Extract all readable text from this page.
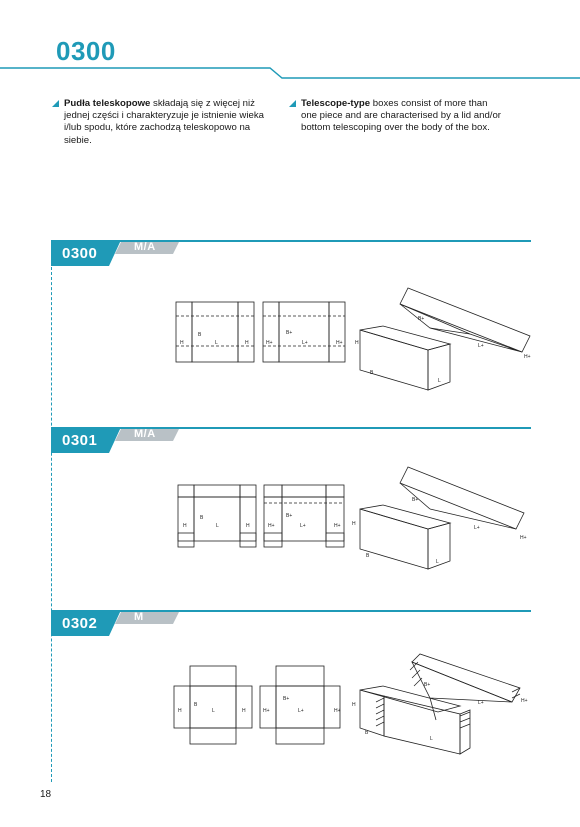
0300
Pudła teleskopowe składają się z więcej niż jednej części i charakteryzuje je istnienie wieka i/lub spodu, które zachodzą teleskopowo na siebie.
Telescope-type boxes consist of more than one piece and are characterised by a lid and/or bottom telescoping over the body of the box.
0300	M/A
H	L	H
B
H+	L+	H+
B+
H
B
L
B+
L+
H+
0301	M/A
H	L	H
B
H+	L+	H+
B+
H
B
L
B+
L+
H+
0302	M
H	L	H
B
H+	L+	H+
B+
H
B
L
B+
L+	H+
18
